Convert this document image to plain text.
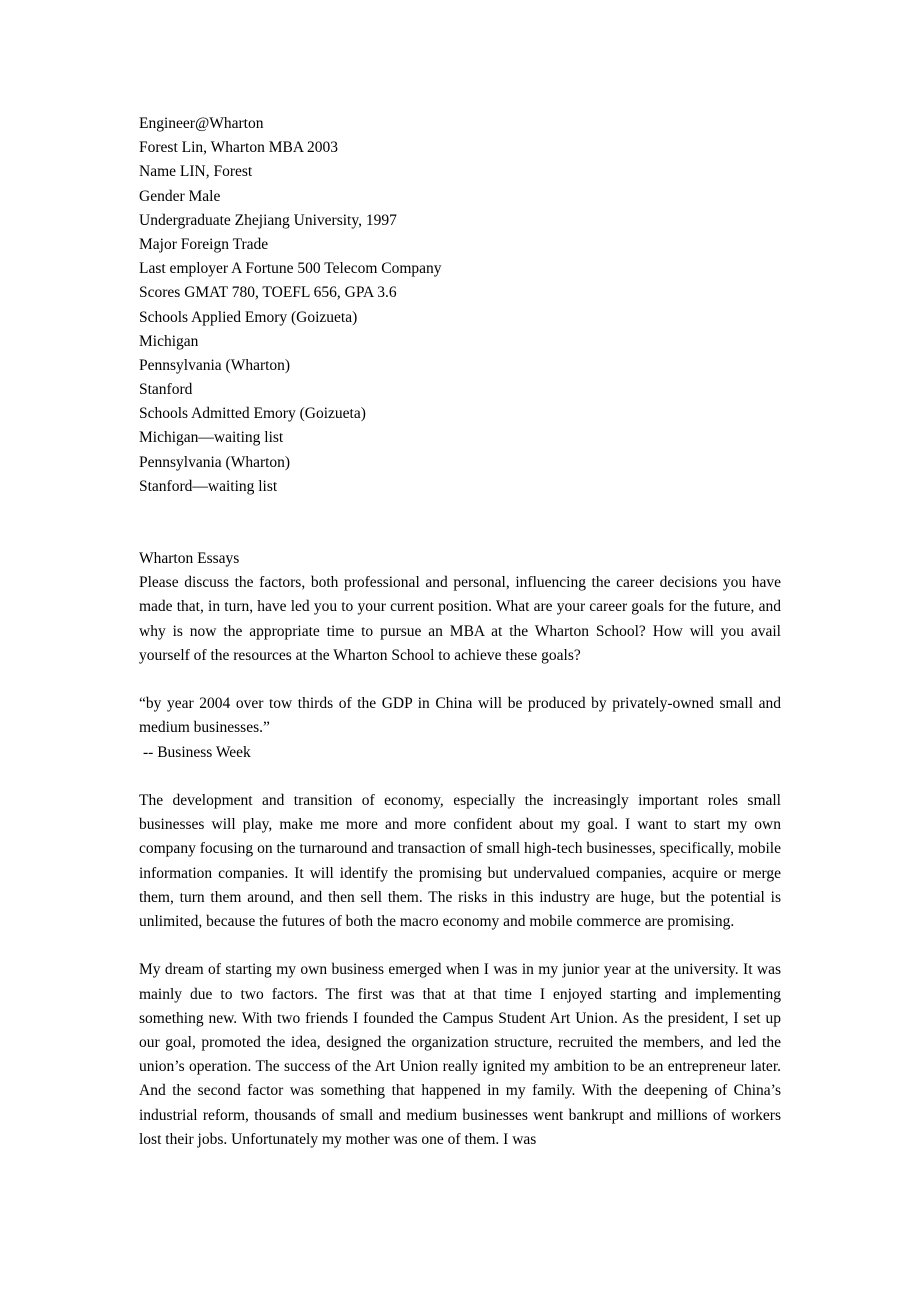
Engineer@Wharton
Forest Lin, Wharton MBA 2003
Name LIN, Forest
Gender Male
Undergraduate Zhejiang University, 1997
Major Foreign Trade
Last employer A Fortune 500 Telecom Company
Scores GMAT 780, TOEFL 656, GPA 3.6
Schools Applied Emory (Goizueta)
Michigan
Pennsylvania (Wharton)
Stanford
Schools Admitted Emory (Goizueta)
Michigan—waiting list
Pennsylvania (Wharton)
Stanford—waiting list
Wharton Essays

Please discuss the factors, both professional and personal, influencing the career decisions you have made that, in turn, have led you to your current position. What are your career goals for the future, and why is now the appropriate time to pursue an MBA at the Wharton School? How will you avail yourself of the resources at the Wharton School to achieve these goals?

“by year 2004 over tow thirds of the GDP in China will be produced by privately-owned small and medium businesses.”

-- Business Week

The development and transition of economy, especially the increasingly important roles small businesses will play, make me more and more confident about my goal. I want to start my own company focusing on the turnaround and transaction of small high-tech businesses, specifically, mobile information companies. It will identify the promising but undervalued companies, acquire or merge them, turn them around, and then sell them. The risks in this industry are huge, but the potential is unlimited, because the futures of both the macro economy and mobile commerce are promising.

My dream of starting my own business emerged when I was in my junior year at the university. It was mainly due to two factors. The first was that at that time I enjoyed starting and implementing something new. With two friends I founded the Campus Student Art Union. As the president, I set up our goal, promoted the idea, designed the organization structure, recruited the members, and led the union’s operation. The success of the Art Union really ignited my ambition to be an entrepreneur later. And the second factor was something that happened in my family. With the deepening of China’s industrial reform, thousands of small and medium businesses went bankrupt and millions of workers lost their jobs. Unfortunately my mother was one of them. I was
